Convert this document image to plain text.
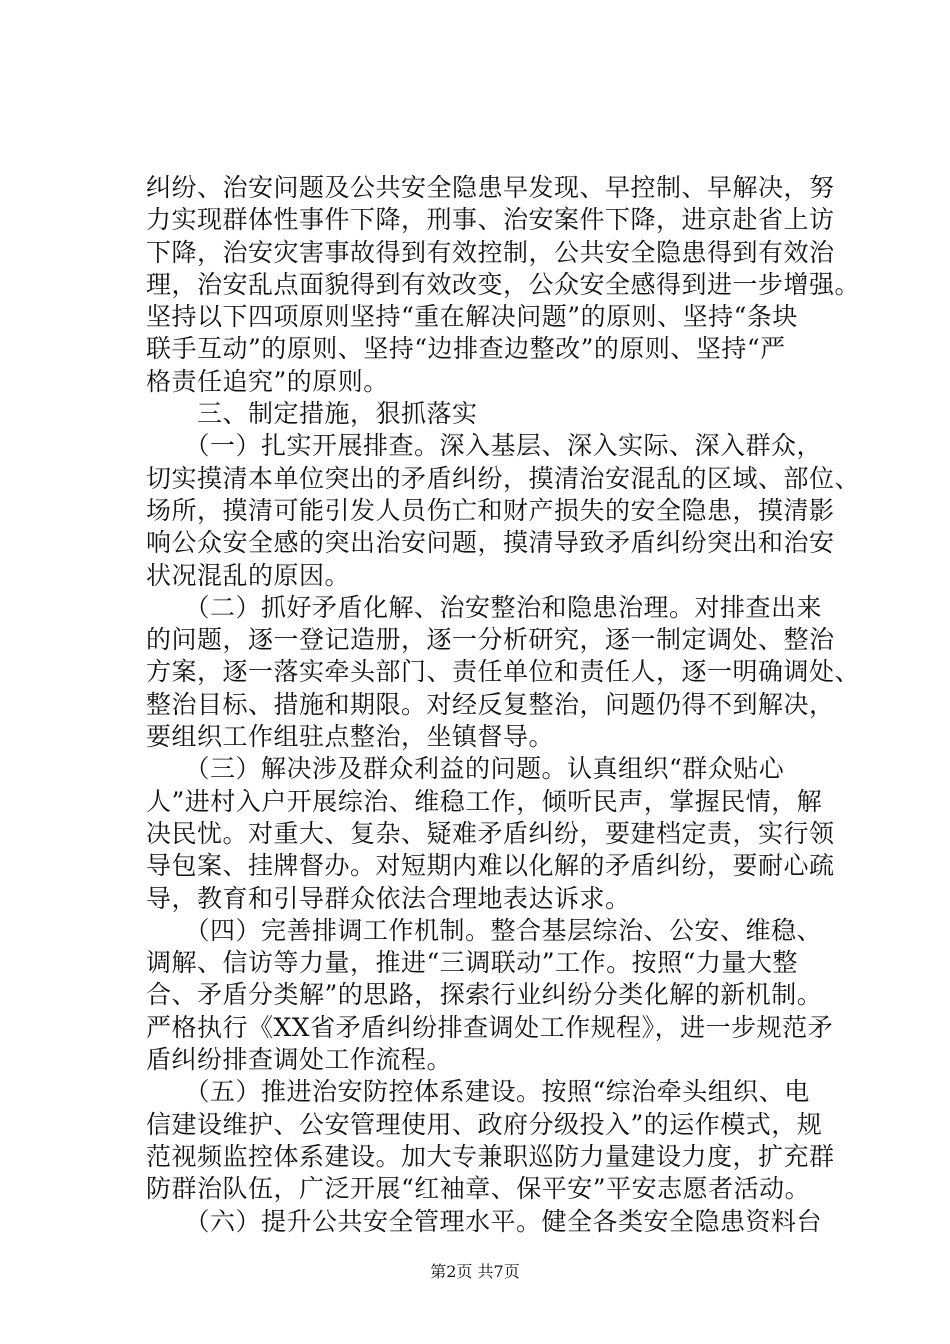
纠纷、治安问题及公共安全隐患早发现、早控制、早解决，努
力实现群体性事件下降，刑事、治安案件下降，进京赴省上访
下降，治安灾害事故得到有效控制，公共安全隐患得到有效治
理，治安乱点面貌得到有效改变，公众安全感得到进一步增强。
坚持以下四项原则坚持“重在解决问题”的原则、坚持“条块
联手互动”的原则、坚持“边排查边整改”的原则、坚持“严
格责任追究”的原则。
　　三、制定措施，狠抓落实
　　（一）扎实开展排查。深入基层、深入实际、深入群众，
切实摸清本单位突出的矛盾纠纷，摸清治安混乱的区域、部位、
场所，摸清可能引发人员伤亡和财产损失的安全隐患，摸清影
响公众安全感的突出治安问题，摸清导致矛盾纠纷突出和治安
状况混乱的原因。
　　（二）抓好矛盾化解、治安整治和隐患治理。对排查出来
的问题，逐一登记造册，逐一分析研究，逐一制定调处、整治
方案，逐一落实牵头部门、责任单位和责任人，逐一明确调处、
整治目标、措施和期限。对经反复整治，问题仍得不到解决，
要组织工作组驻点整治，坐镇督导。
　　（三）解决涉及群众利益的问题。认真组织“群众贴心
人”进村入户开展综治、维稳工作，倾听民声，掌握民情，解
决民忧。对重大、复杂、疑难矛盾纠纷，要建档定责，实行领
导包案、挂牌督办。对短期内难以化解的矛盾纠纷，要耐心疏
导，教育和引导群众依法合理地表达诉求。
　　（四）完善排调工作机制。整合基层综治、公安、维稳、
调解、信访等力量，推进“三调联动”工作。按照“力量大整
合、矛盾分类解”的思路，探索行业纠纷分类化解的新机制。
严格执行《XX省矛盾纠纷排查调处工作规程》，进一步规范矛
盾纠纷排查调处工作流程。
　　（五）推进治安防控体系建设。按照“综治牵头组织、电
信建设维护、公安管理使用、政府分级投入”的运作模式，规
范视频监控体系建设。加大专兼职巡防力量建设力度，扩充群
防群治队伍，广泛开展“红袖章、保平安”平安志愿者活动。
　　（六）提升公共安全管理水平。健全各类安全隐患资料台
第2页 共7页
